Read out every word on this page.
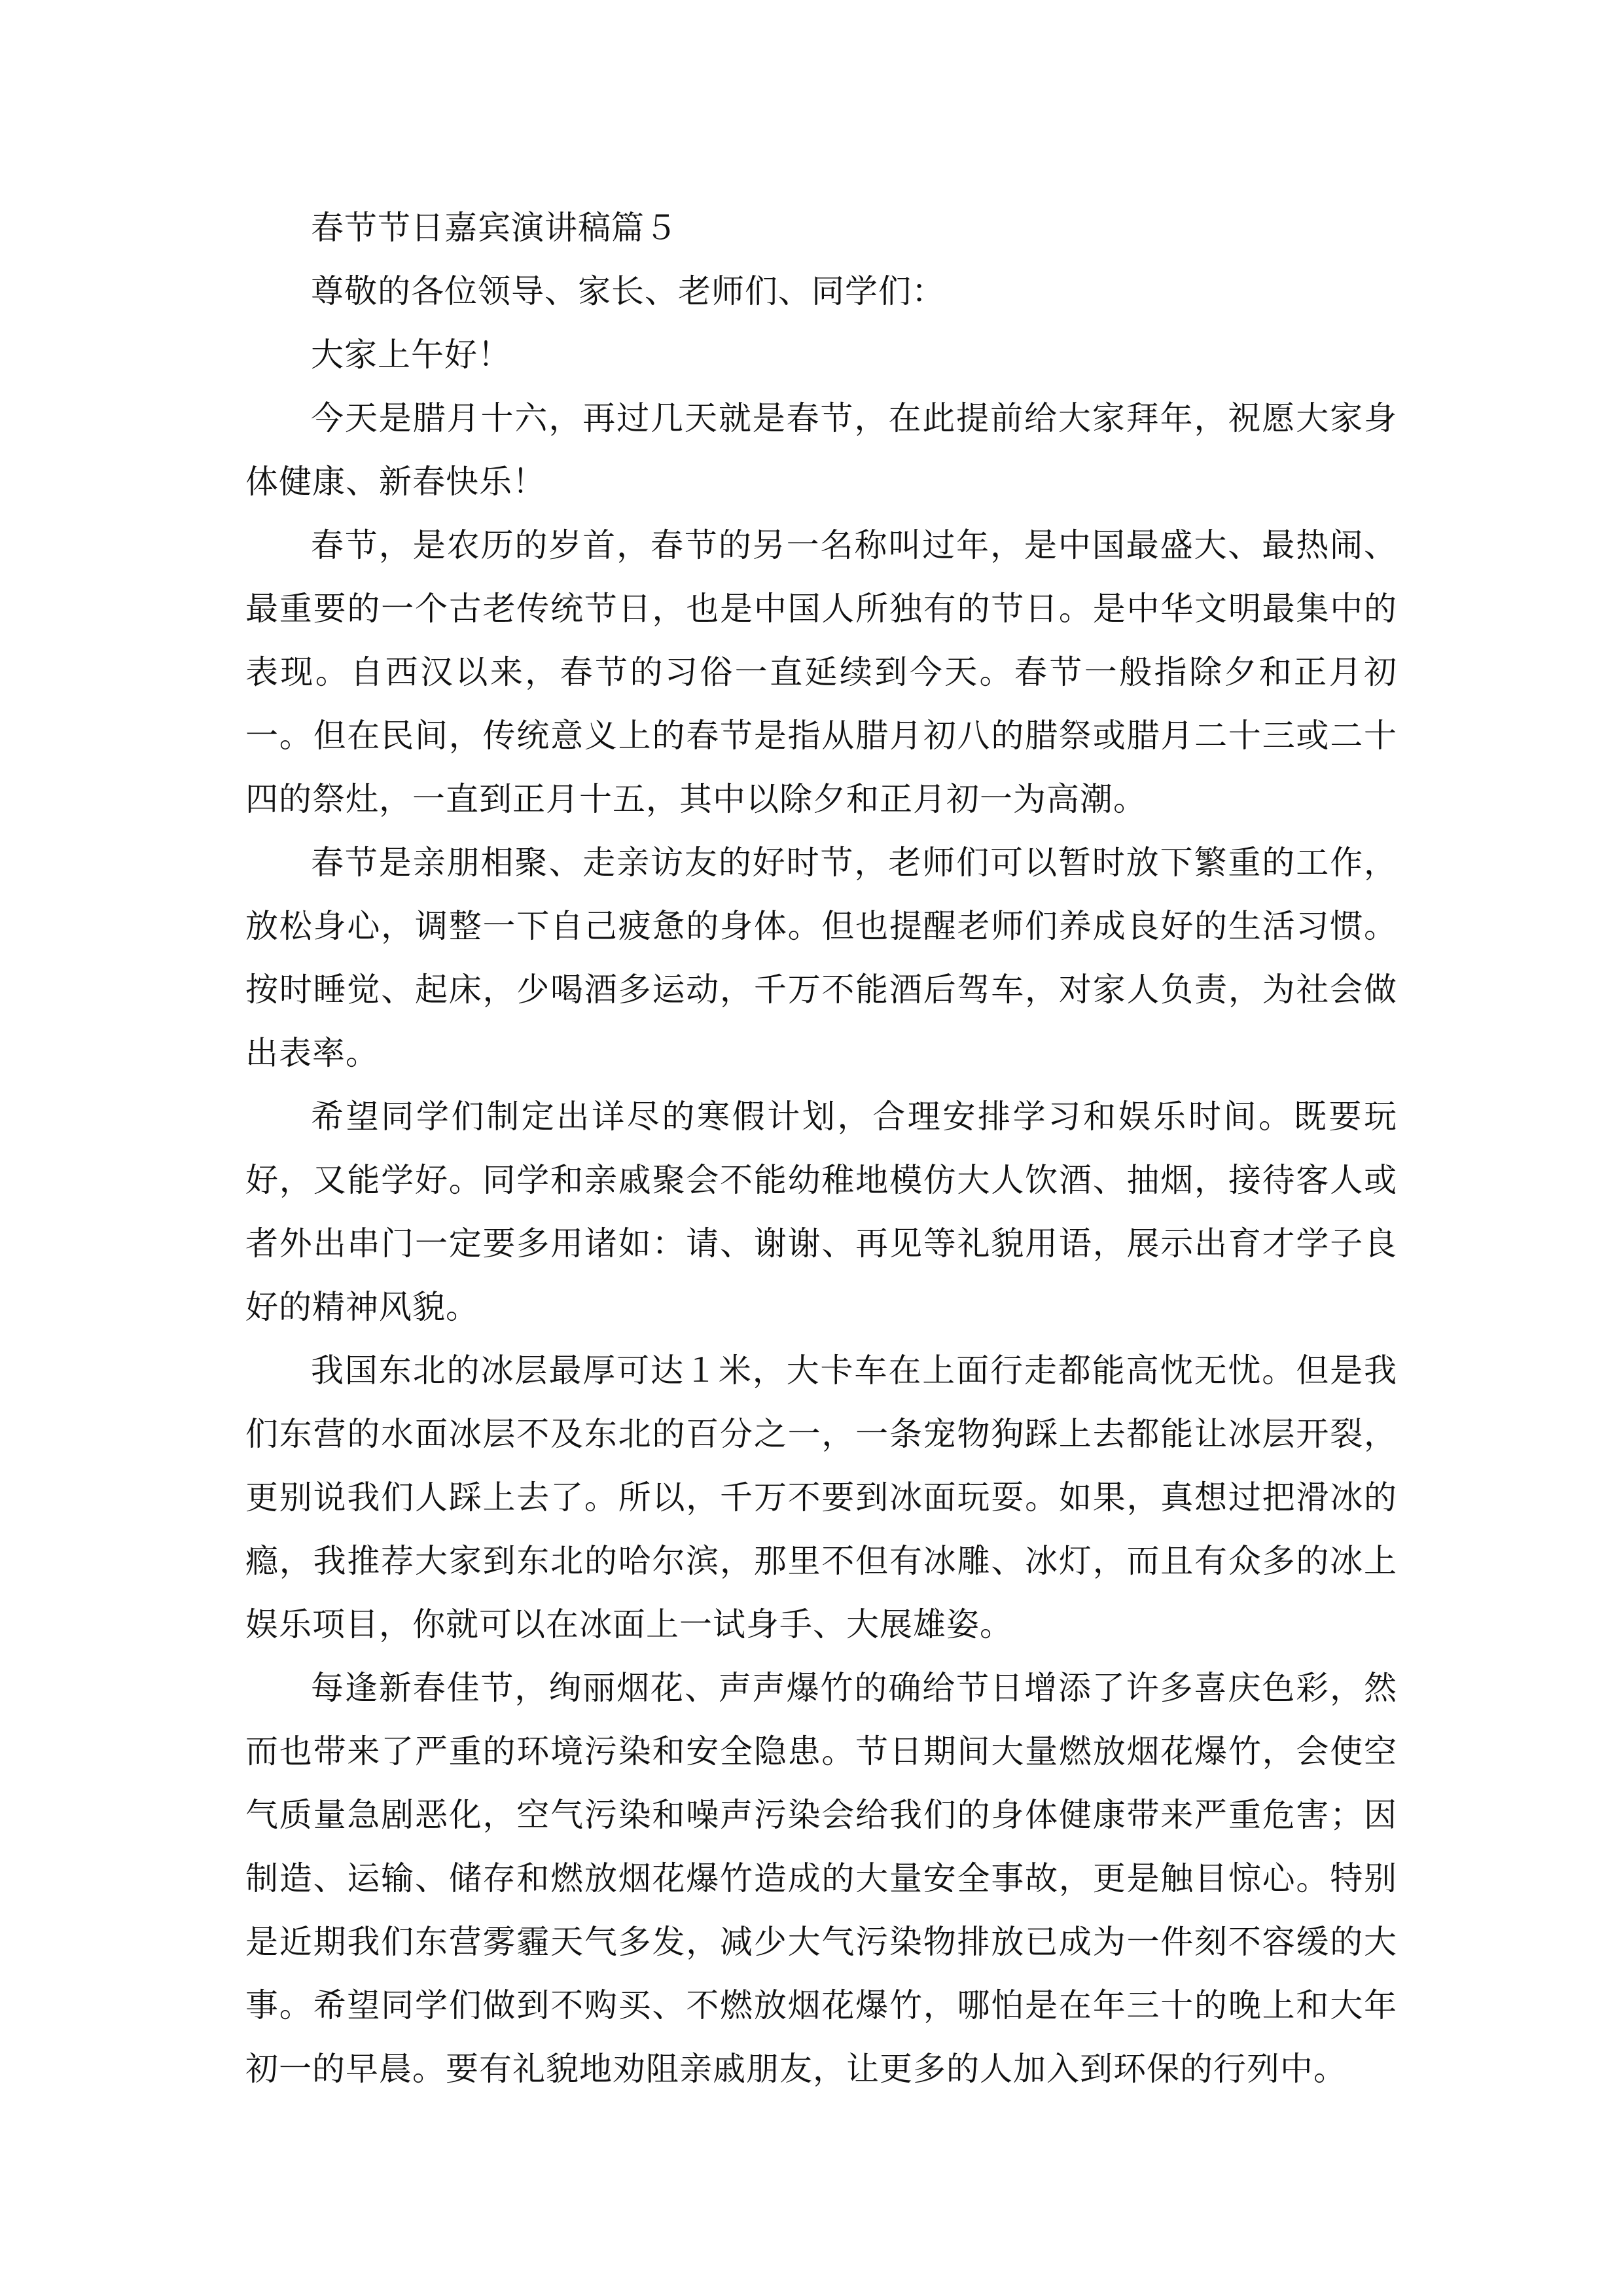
春节节日嘉宾演讲稿篇５

尊敬的各位领导、家长、老师们、同学们：

大家上午好！

今天是腊月十六，再过几天就是春节，在此提前给大家拜年，祝愿大家身体健康、新春快乐！

春节，是农历的岁首，春节的另一名称叫过年，是中国最盛大、最热闹、最重要的一个古老传统节日，也是中国人所独有的节日。是中华文明最集中的表现。自西汉以来，春节的习俗一直延续到今天。春节一般指除夕和正月初一。但在民间，传统意义上的春节是指从腊月初八的腊祭或腊月二十三或二十四的祭灶，一直到正月十五，其中以除夕和正月初一为高潮。

春节是亲朋相聚、走亲访友的好时节，老师们可以暂时放下繁重的工作，放松身心，调整一下自己疲惫的身体。但也提醒老师们养成良好的生活习惯。按时睡觉、起床，少喝酒多运动，千万不能酒后驾车，对家人负责，为社会做出表率。

希望同学们制定出详尽的寒假计划，合理安排学习和娱乐时间。既要玩好，又能学好。同学和亲戚聚会不能幼稚地模仿大人饮酒、抽烟，接待客人或者外出串门一定要多用诸如：请、谢谢、再见等礼貌用语，展示出育才学子良好的精神风貌。

我国东北的冰层最厚可达１米，大卡车在上面行走都能高忱无忧。但是我们东营的水面冰层不及东北的百分之一，一条宠物狗踩上去都能让冰层开裂，更别说我们人踩上去了。所以，千万不要到冰面玩耍。如果，真想过把滑冰的瘾，我推荐大家到东北的哈尔滨，那里不但有冰雕、冰灯，而且有众多的冰上娱乐项目，你就可以在冰面上一试身手、大展雄姿。

每逢新春佳节，绚丽烟花、声声爆竹的确给节日增添了许多喜庆色彩，然而也带来了严重的环境污染和安全隐患。节日期间大量燃放烟花爆竹，会使空气质量急剧恶化，空气污染和噪声污染会给我们的身体健康带来严重危害；因制造、运输、储存和燃放烟花爆竹造成的大量安全事故，更是触目惊心。特别是近期我们东营雾霾天气多发，减少大气污染物排放已成为一件刻不容缓的大事。希望同学们做到不购买、不燃放烟花爆竹，哪怕是在年三十的晚上和大年初一的早晨。要有礼貌地劝阻亲戚朋友，让更多的人加入到环保的行列中。
